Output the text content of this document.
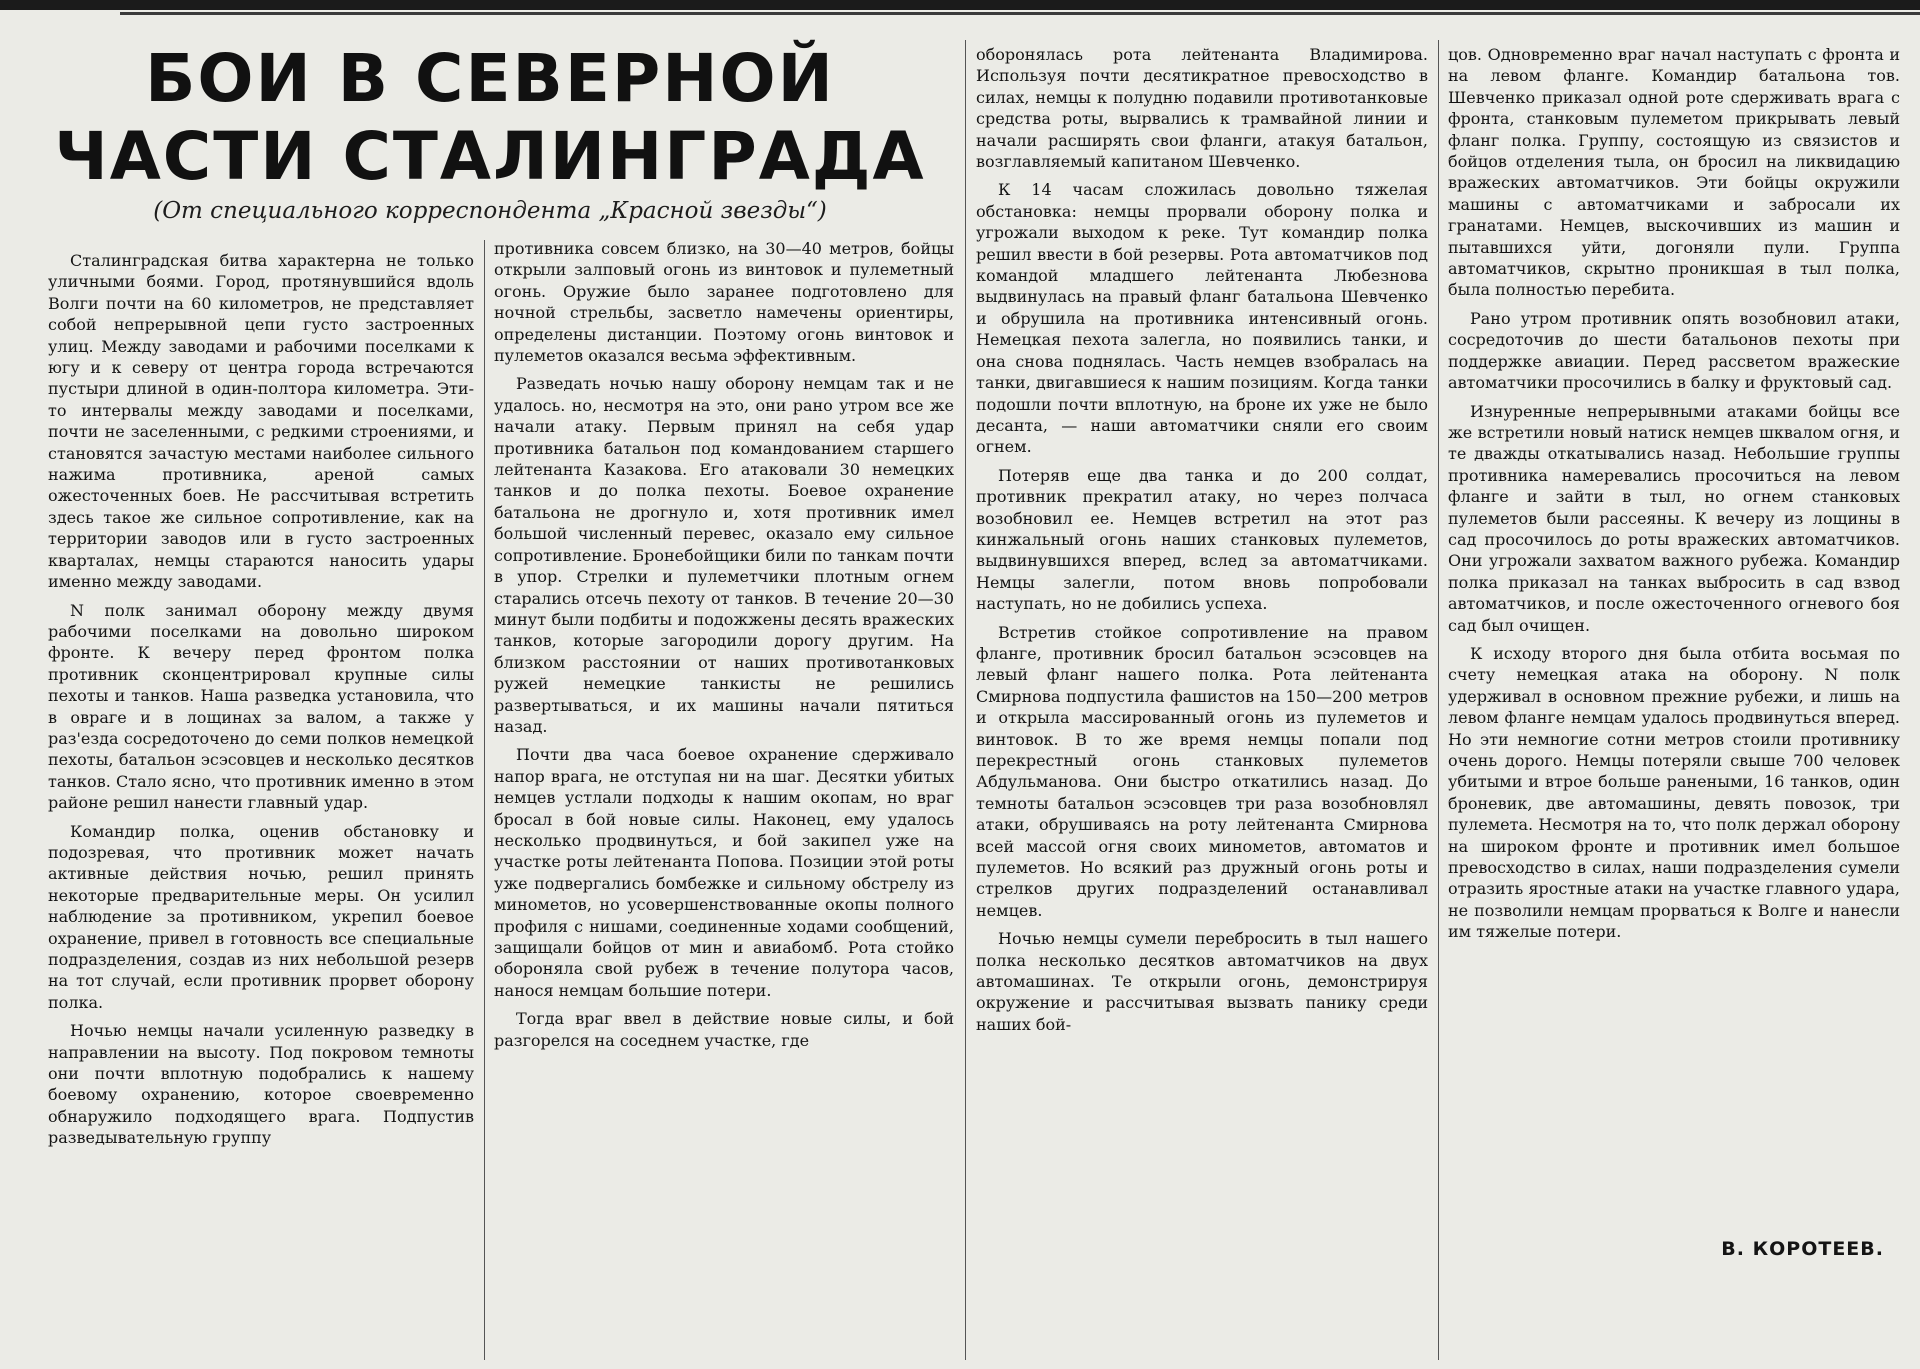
БОИ В СЕВЕРНОЙ ЧАСТИ СТАЛИНГРАДА
(От специального корреспондента „Красной звезды“)

Сталинградская битва характерна не только уличными боями. Город, протянувшийся вдоль Волги почти на 60 километров, не представляет собой непрерывной цепи густо застроенных улиц. Между заводами и рабочими поселками к югу и к северу от центра города встречаются пустыри длиной в один-полтора километра. Эти-то интервалы между заводами и поселками, почти не заселенными, с редкими строениями, и становятся зачастую местами наиболее сильного нажима противника, ареной самых ожесточенных боев. Не рассчитывая встретить здесь такое же сильное сопротивление, как на территории заводов или в густо застроенных кварталах, немцы стараются наносить удары именно между заводами.

N полк занимал оборону между двумя рабочими поселками на довольно широком фронте. К вечеру перед фронтом полка противник сконцентрировал крупные силы пехоты и танков. Наша разведка установила, что в овраге и в лощинах за валом, а также у раз'езда сосредоточено до семи полков немецкой пехоты, батальон эсэсовцев и несколько десятков танков. Стало ясно, что противник именно в этом районе решил нанести главный удар.

Командир полка, оценив обстановку и подозревая, что противник может начать активные действия ночью, решил принять некоторые предварительные меры. Он усилил наблюдение за противником, укрепил боевое охранение, привел в готовность все специальные подразделения, создав из них небольшой резерв на тот случай, если противник прорвет оборону полка.

Ночью немцы начали усиленную разведку в направлении на высоту. Под покровом темноты они почти вплотную подобрались к нашему боевому охранению, которое своевременно обнаружило подходящего врага. Подпустив разведывательную группу

противника совсем близко, на 30—40 метров, бойцы открыли залповый огонь из винтовок и пулеметный огонь. Оружие было заранее подготовлено для ночной стрельбы, засветло намечены ориентиры, определены дистанции. Поэтому огонь винтовок и пулеметов оказался весьма эффективным.

Разведать ночью нашу оборону немцам так и не удалось. но, несмотря на это, они рано утром все же начали атаку. Первым принял на себя удар противника батальон под командованием старшего лейтенанта Казакова. Его атаковали 30 немецких танков и до полка пехоты. Боевое охранение батальона не дрогнуло и, хотя противник имел большой численный перевес, оказало ему сильное сопротивление. Бронебойщики били по танкам почти в упор. Стрелки и пулеметчики плотным огнем старались отсечь пехоту от танков. В течение 20—30 минут были подбиты и подожжены десять вражеских танков, которые загородили дорогу другим. На близком расстоянии от наших противотанковых ружей немецкие танкисты не решились развертываться, и их машины начали пятиться назад.

Почти два часа боевое охранение сдерживало напор врага, не отступая ни на шаг. Десятки убитых немцев устлали подходы к нашим окопам, но враг бросал в бой новые силы. Наконец, ему удалось несколько продвинуться, и бой закипел уже на участке роты лейтенанта Попова. Позиции этой роты уже подвергались бомбежке и сильному обстрелу из минометов, но усовершенствованные окопы полного профиля с нишами, соединенные ходами сообщений, защищали бойцов от мин и авиабомб. Рота стойко обороняла свой рубеж в течение полутора часов, нанося немцам большие потери.

Тогда враг ввел в действие новые силы, и бой разгорелся на соседнем участке, где

оборонялась рота лейтенанта Владимирова. Используя почти десятикратное превосходство в силах, немцы к полудню подавили противотанковые средства роты, вырвались к трамвайной линии и начали расширять свои фланги, атакуя батальон, возглавляемый капитаном Шевченко.

К 14 часам сложилась довольно тяжелая обстановка: немцы прорвали оборону полка и угрожали выходом к реке. Тут командир полка решил ввести в бой резервы. Рота автоматчиков под командой младшего лейтенанта Любезнова выдвинулась на правый фланг батальона Шевченко и обрушила на противника интенсивный огонь. Немецкая пехота залегла, но появились танки, и она снова поднялась. Часть немцев взобралась на танки, двигавшиеся к нашим позициям. Когда танки подошли почти вплотную, на броне их уже не было десанта, — наши автоматчики сняли его своим огнем.

Потеряв еще два танка и до 200 солдат, противник прекратил атаку, но через полчаса возобновил ее. Немцев встретил на этот раз кинжальный огонь наших станковых пулеметов, выдвинувшихся вперед, вслед за автоматчиками. Немцы залегли, потом вновь попробовали наступать, но не добились успеха.

Встретив стойкое сопротивление на правом фланге, противник бросил батальон эсэсовцев на левый фланг нашего полка. Рота лейтенанта Смирнова подпустила фашистов на 150—200 метров и открыла массированный огонь из пулеметов и винтовок. В то же время немцы попали под перекрестный огонь станковых пулеметов Абдульманова. Они быстро откатились назад. До темноты батальон эсэсовцев три раза возобновлял атаки, обрушиваясь на роту лейтенанта Смирнова всей массой огня своих минометов, автоматов и пулеметов. Но всякий раз дружный огонь роты и стрелков других подразделений останавливал немцев.

Ночью немцы сумели перебросить в тыл нашего полка несколько десятков автоматчиков на двух автомашинах. Те открыли огонь, демонстрируя окружение и рассчитывая вызвать панику среди наших бой-

цов. Одновременно враг начал наступать с фронта и на левом фланге. Командир батальона тов. Шевченко приказал одной роте сдерживать врага с фронта, станковым пулеметом прикрывать левый фланг полка. Группу, состоящую из связистов и бойцов отделения тыла, он бросил на ликвидацию вражеских автоматчиков. Эти бойцы окружили машины с автоматчиками и забросали их гранатами. Немцев, выскочивших из машин и пытавшихся уйти, догоняли пули. Группа автоматчиков, скрытно проникшая в тыл полка, была полностью перебита.

Рано утром противник опять возобновил атаки, сосредоточив до шести батальонов пехоты при поддержке авиации. Перед рассветом вражеские автоматчики просочились в балку и фруктовый сад.

Изнуренные непрерывными атаками бойцы все же встретили новый натиск немцев шквалом огня, и те дважды откатывались назад. Небольшие группы противника намеревались просочиться на левом фланге и зайти в тыл, но огнем станковых пулеметов были рассеяны. К вечеру из лощины в сад просочилось до роты вражеских автоматчиков. Они угрожали захватом важного рубежа. Командир полка приказал на танках выбросить в сад взвод автоматчиков, и после ожесточенного огневого боя сад был очищен.

К исходу второго дня была отбита восьмая по счету немецкая атака на оборону. N полк удерживал в основном прежние рубежи, и лишь на левом фланге немцам удалось продвинуться вперед. Но эти немногие сотни метров стоили противнику очень дорого. Немцы потеряли свыше 700 человек убитыми и втрое больше ранеными, 16 танков, один броневик, две автомашины, девять повозок, три пулемета. Несмотря на то, что полк держал оборону на широком фронте и противник имел большое превосходство в силах, наши подразделения сумели отразить яростные атаки на участке главного удара, не позволили немцам прорваться к Волге и нанесли им тяжелые потери.

В. КОРОТЕЕВ.
